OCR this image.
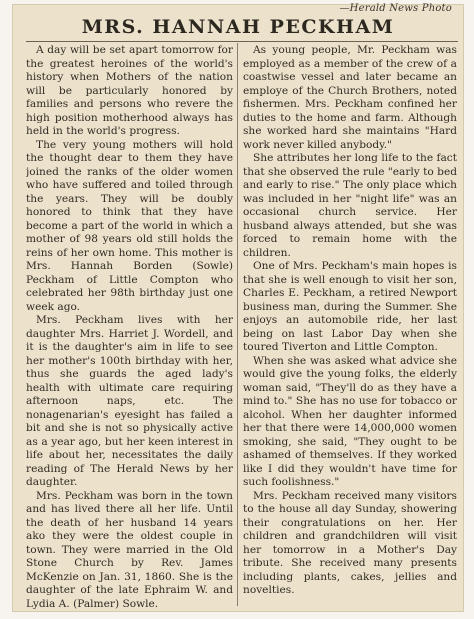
—Herald News Photo
MRS. HANNAH PECKHAM

A day will be set apart tomorrow for the greatest heroines of the world's history when Mothers of the nation will be particularly honored by families and persons who revere the high position motherhood always has held in the world's progress.

The very young mothers will hold the thought dear to them they have joined the ranks of the older women who have suffered and toiled through the years. They will be doubly honored to think that they have become a part of the world in which a mother of 98 years old still holds the reins of her own home. This mother is Mrs. Hannah Borden (Sowle) Peckham of Little Compton who celebrated her 98th birthday just one week ago.

Mrs. Peckham lives with her daughter Mrs. Harriet J. Wordell, and it is the daughter's aim in life to see her mother's 100th birthday with her, thus she guards the aged lady's health with ultimate care requiring afternoon naps, etc. The nonagenarian's eyesight has failed a bit and she is not so physically active as a year ago, but her keen interest in life about her, necessitates the daily reading of The Herald News by her daughter.

Mrs. Peckham was born in the town and has lived there all her life. Until the death of her husband 14 years ako they were the oldest couple in town. They were married in the Old Stone Church by Rev. James McKenzie on Jan. 31, 1860. She is the daughter of the late Ephraim W. and Lydia A. (Palmer) Sowle.

As young people, Mr. Peckham was employed as a member of the crew of a coastwise vessel and later became an employe of the Church Brothers, noted fishermen. Mrs. Peckham confined her duties to the home and farm. Although she worked hard she maintains "Hard work never killed anybody."

She attributes her long life to the fact that she observed the rule "early to bed and early to rise." The only place which was included in her "night life" was an occasional church service. Her husband always attended, but she was forced to remain home with the children.

One of Mrs. Peckham's main hopes is that she is well enough to visit her son, Charles E. Peckham, a retired Newport business man, during the Summer. She enjoys an automobile ride, her last being on last Labor Day when she toured Tiverton and Little Compton.

When she was asked what advice she would give the young folks, the elderly woman said, "They'll do as they have a mind to." She has no use for tobacco or alcohol. When her daughter informed her that there were 14,000,000 women smoking, she said, "They ought to be ashamed of themselves. If they worked like I did they wouldn't have time for such foolishness."

Mrs. Peckham received many visitors to the house all day Sunday, showering their congratulations on her. Her children and grandchildren will visit her tomorrow in a Mother's Day tribute. She received many presents including plants, cakes, jellies and novelties.
